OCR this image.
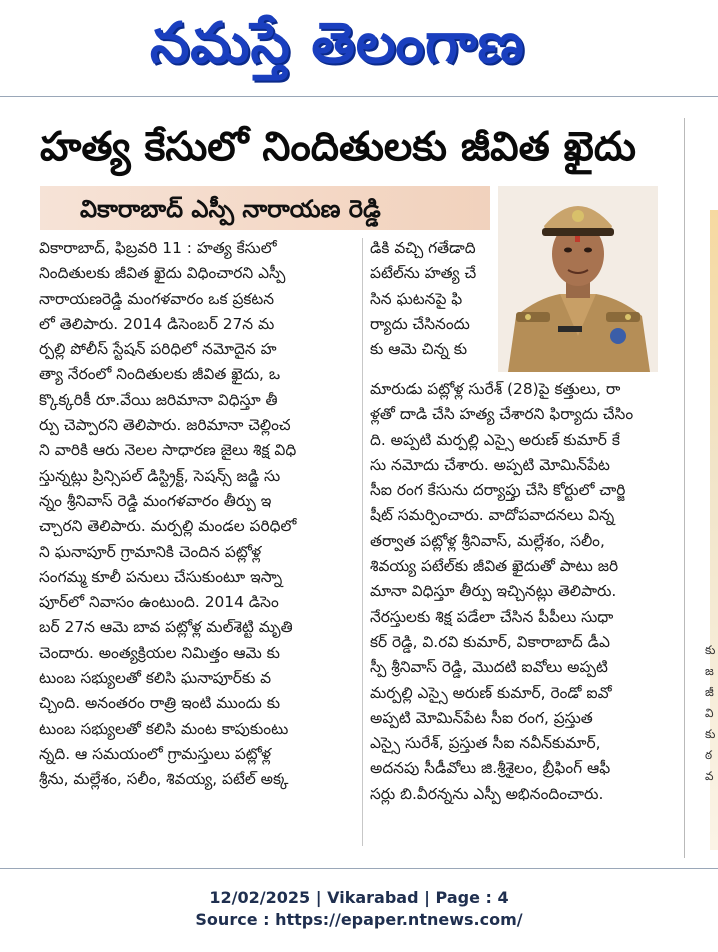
నమస్తే తెలంగాణ
కు
జ
జీ
వి
కు
ఠ
వ
హత్య కేసులో నిందితులకు జీవిత ఖైదు
వికారాబాద్ ఎస్పీ నారాయణ రెడ్డి
వికారాబాద్, ఫిబ్రవరి 11 : హత్య కేసులో
నిందితులకు జీవిత ఖైదు విధించారని ఎస్పీ
నారాయణరెడ్డి మంగళవారం ఒక ప్రకటన
లో తెలిపారు. 2014 డిసెంబర్ 27న మ
ర్పల్లి పోలీస్ స్టేషన్ పరిధిలో నమోదైన హ
త్యా నేరంలో నిందితులకు జీవిత ఖైదు, ఒ
క్కొక్కరికీ రూ.వేయి జరిమానా విధిస్తూ తీ
ర్పు చెప్పారని తెలిపారు. జరిమానా చెల్లించ
ని వారికి ఆరు నెలల సాధారణ జైలు శిక్ష విధి
స్తున్నట్లు ప్రిన్సిపల్ డిస్ట్రిక్ట్, సెషన్స్ జడ్జి సు
న్నం శ్రీనివాస్ రెడ్డి మంగళవారం తీర్పు ఇ
చ్చారని తెలిపారు. మర్పల్లి మండల పరిధిలో
ని ఘనాపూర్ గ్రామానికి చెందిన పట్లోళ్ల
సంగమ్మ కూలీ పనులు చేసుకుంటూ ఇస్నా
పూర్‌లో నివాసం ఉంటుంది. 2014 డిసెం
బర్ 27న ఆమె బావ పట్లోళ్ల మల్‌శెట్టి మృతి
చెందారు. అంత్యక్రియల నిమిత్తం ఆమె కు
టుంబ సభ్యులతో కలిసి ఘనాపూర్‌కు వ
చ్చింది. అనంతరం రాత్రి ఇంటి ముందు కు
టుంబ సభ్యులతో కలిసి మంట కాపుకుంటు
న్నది. ఆ సమయంలో గ్రామస్తులు పట్లోళ్ల
శ్రీను, మల్లేశం, సలీం, శివయ్య, పటేల్ అక్క
డికి వచ్చి గతేడాది
పటేల్‌ను హత్య చే
సిన ఘటనపై ఫి
ర్యాదు చేసినందు
కు ఆమె చిన్న కు
మారుడు పట్లోళ్ల సురేశ్ (28)పై కత్తులు, రా
ళ్లతో దాడి చేసి హత్య చేశారని ఫిర్యాదు చేసిం
ది. అప్పటి మర్పల్లి ఎస్సై అరుణ్ కుమార్ కే
సు నమోదు చేశారు. అప్పటి మోమిన్‌పేట
సీఐ రంగ కేసును దర్యాప్తు చేసి కోర్టులో చార్జి
షీట్ సమర్పించారు. వాదోపవాదనలు విన్న
తర్వాత పట్లోళ్ల శ్రీనివాస్, మల్లేశం, సలీం,
శివయ్య పటేల్‌కు జీవిత ఖైదుతో పాటు జరి
మానా విధిస్తూ తీర్పు ఇచ్చినట్లు తెలిపారు.
నేరస్తులకు శిక్ష పడేలా చేసిన పీపీలు సుధా
కర్ రెడ్డి, వి.రవి కుమార్, వికారాబాద్ డీఎ
స్పీ శ్రీనివాస్ రెడ్డి, మొదటి ఐవోలు అప్పటి
మర్పల్లి ఎస్సై అరుణ్ కుమార్, రెండో ఐవో
అప్పటి మోమిన్‌పేట సీఐ రంగ, ప్రస్తుత
ఎస్సై సురేశ్, ప్రస్తుత సీఐ నవీన్‌కుమార్,
అదనపు సీడీవోలు జి.శ్రీశైలం, బ్రీఫింగ్ ఆఫీ
సర్లు బి.వీరన్నను ఎస్పీ అభినందించారు.
12/02/2025 | Vikarabad | Page : 4
Source : https://epaper.ntnews.com/
